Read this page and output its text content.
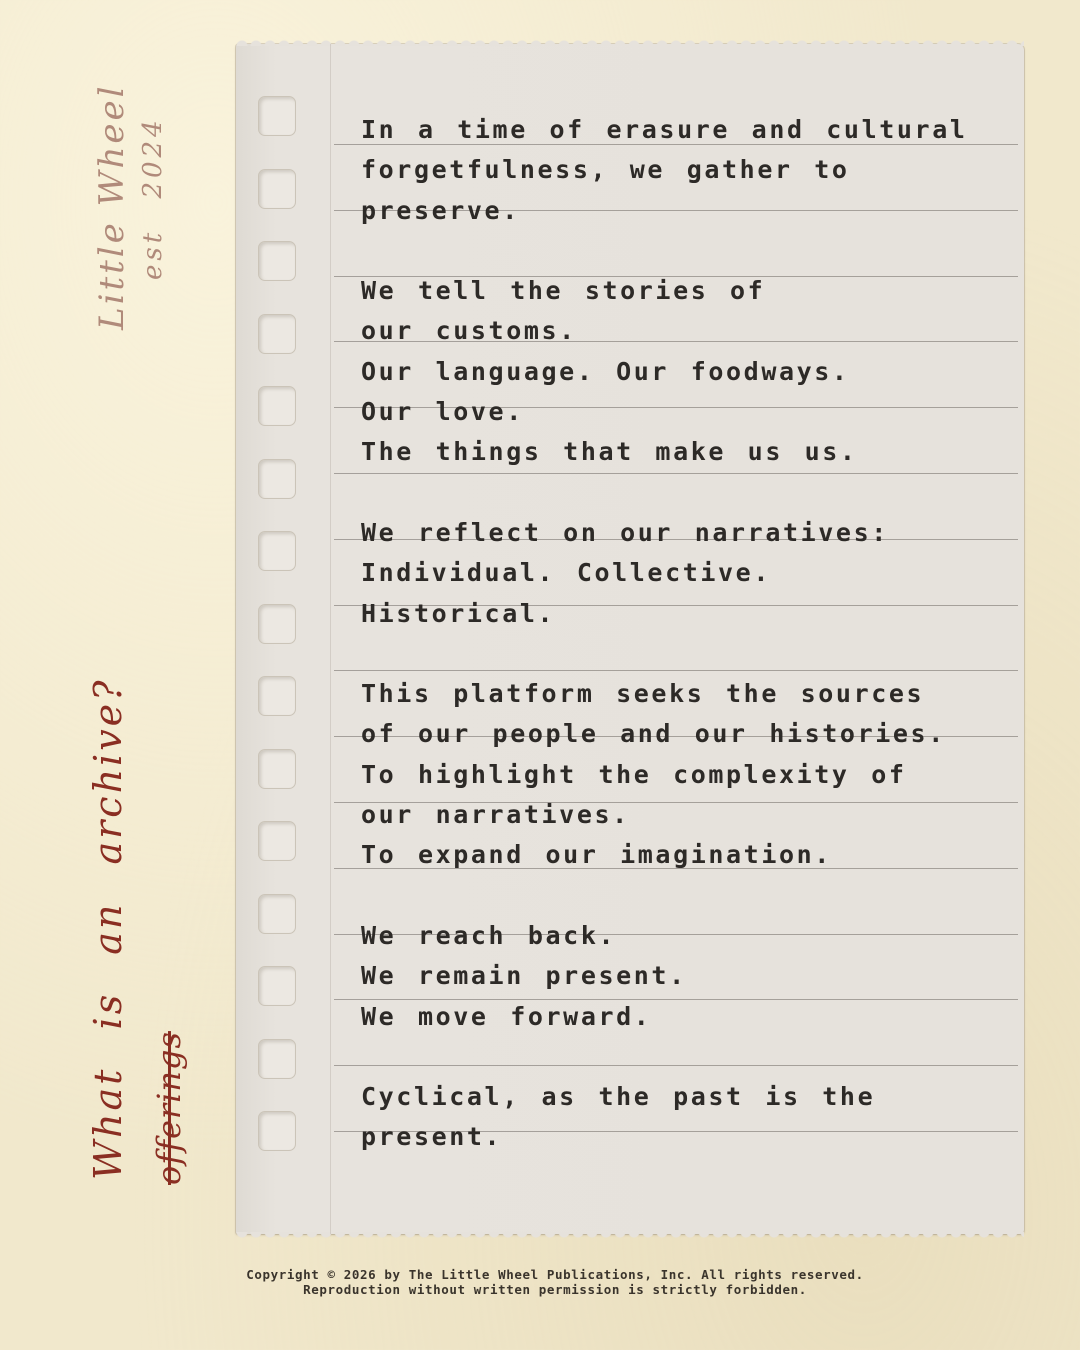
Little Wheel est 2024
What is an archive? offerings
In a time of erasure and cultural
forgetfulness, we gather to
preserve.
We tell the stories of
our customs.
Our language. Our foodways.
Our love.
The things that make us us.
We reflect on our narratives:
Individual. Collective.
Historical.
This platform seeks the sources
of our people and our histories.
To highlight the complexity of
our narratives.
To expand our imagination.
We reach back.
We remain present.
We move forward.
Cyclical, as the past is the
present.
Copyright © 2026 by The Little Wheel Publications, Inc. All rights reserved.
Reproduction without written permission is strictly forbidden.
